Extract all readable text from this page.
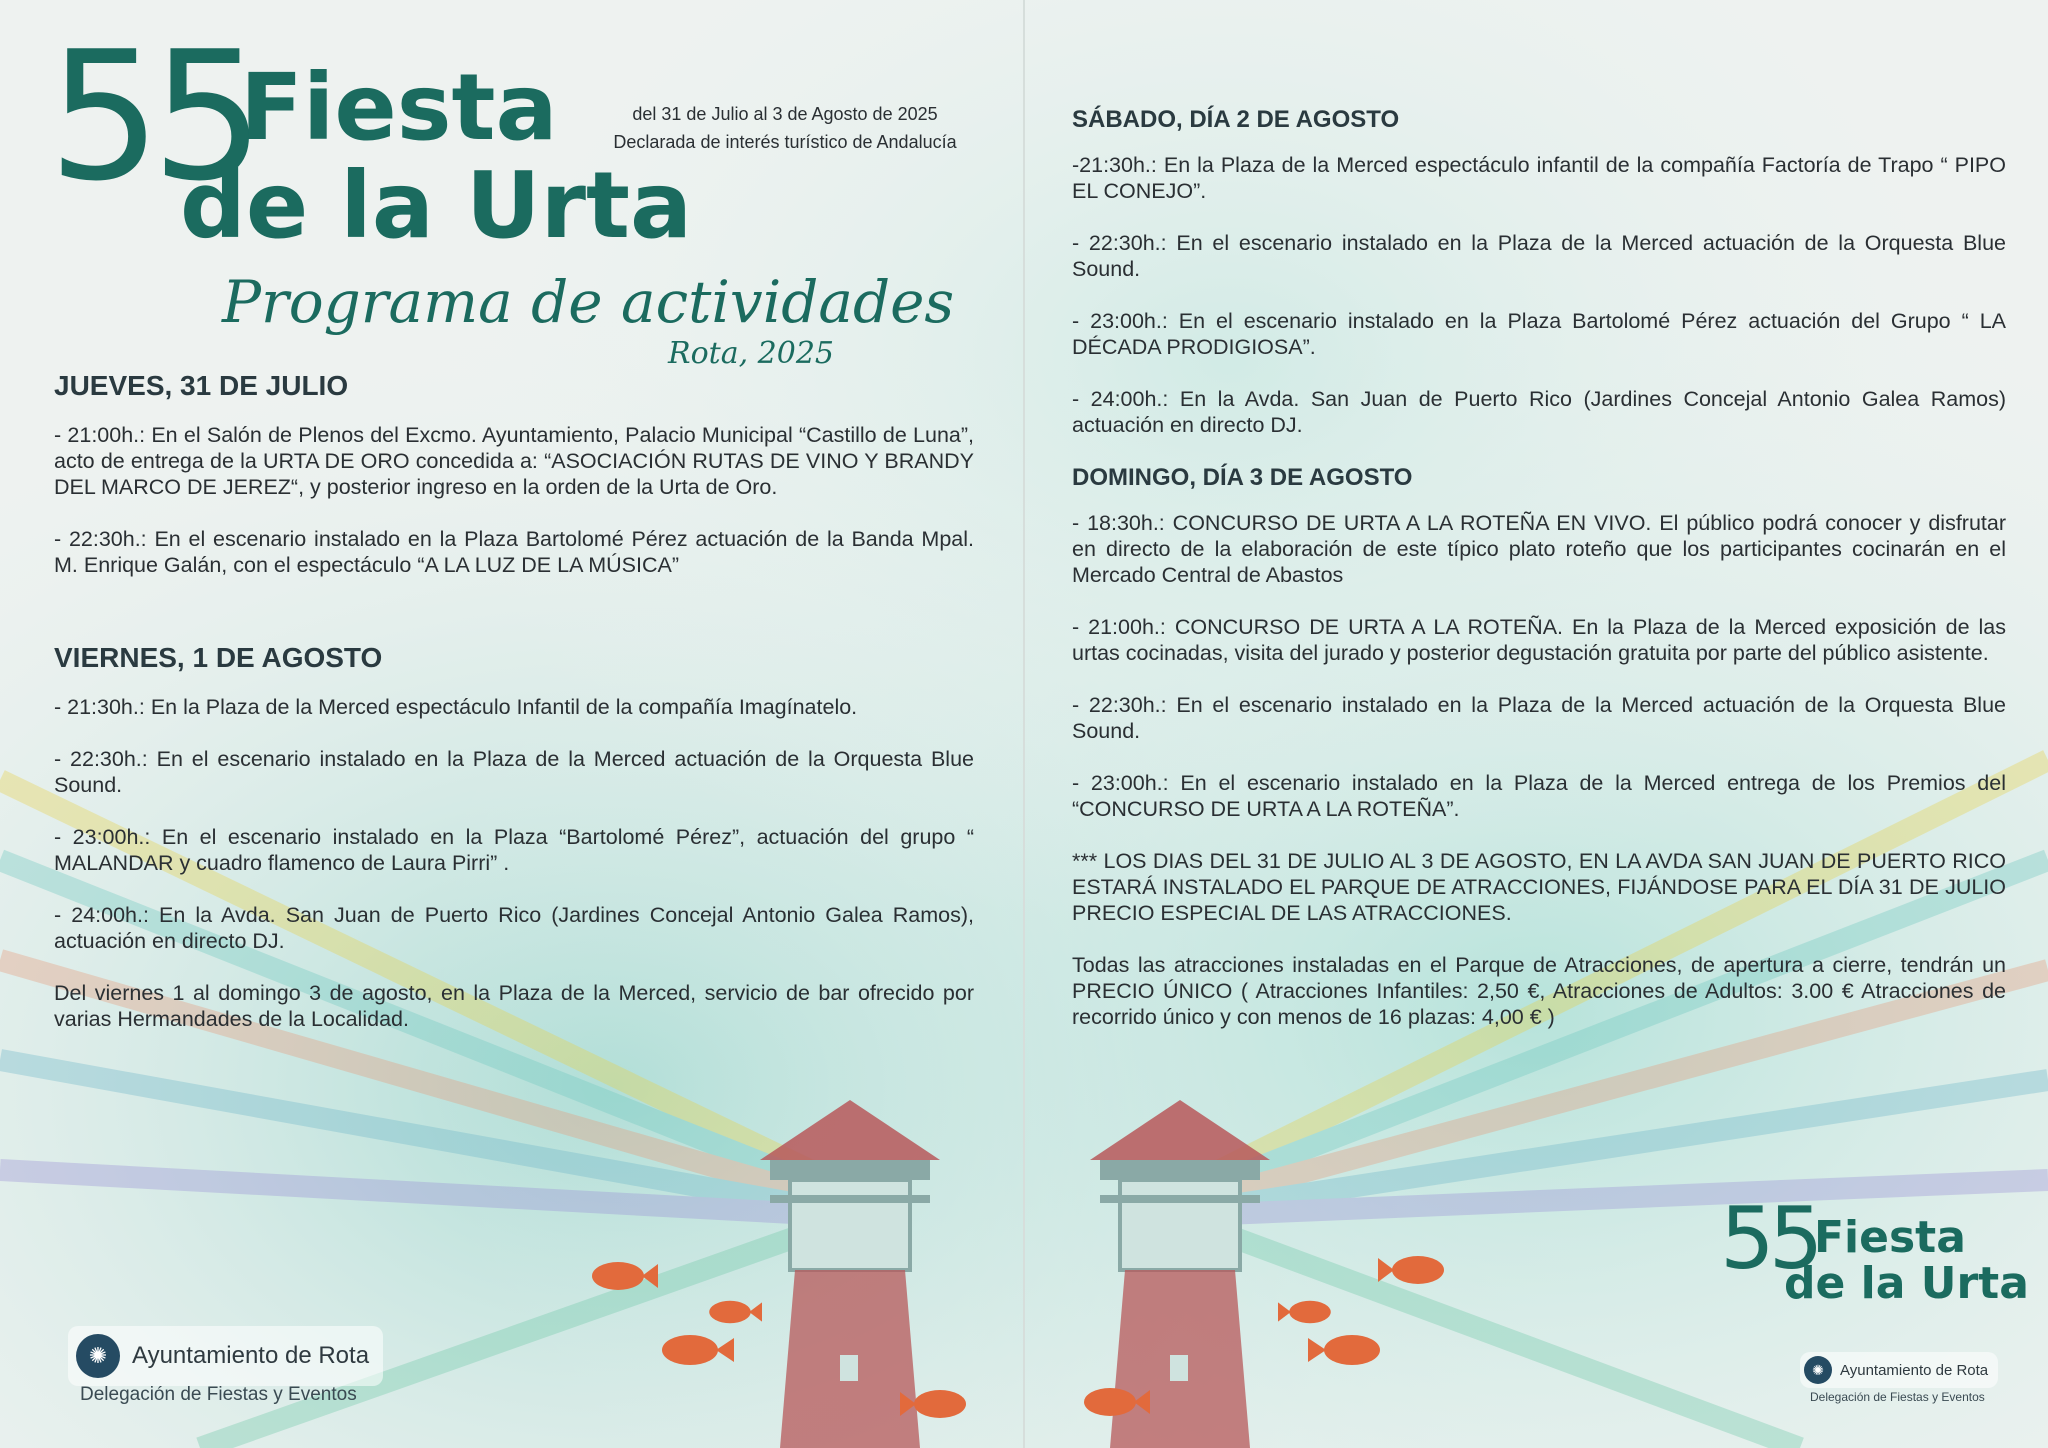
55
Fiesta
de la Urta
Programa de actividades
Rota, 2025
del 31 de Julio al 3 de Agosto de 2025
Declarada de interés turístico de Andalucía
JUEVES, 31 DE JULIO

- 21:00h.: En el Salón de Plenos del Excmo. Ayuntamiento, Palacio Municipal “Castillo de Luna”, acto de entrega de la URTA DE ORO concedida a: “ASOCIACIÓN RUTAS DE VINO Y BRANDY DEL MARCO DE JEREZ“, y posterior ingreso en la orden de la Urta de Oro.

- 22:30h.: En el escenario instalado en la Plaza Bartolomé Pérez actuación de la Banda Mpal. M. Enrique Galán, con el espectáculo “A LA LUZ DE LA MÚSICA”

VIERNES, 1 DE AGOSTO

- 21:30h.: En la Plaza de la Merced espectáculo Infantil de la compañía Imagínatelo.

- 22:30h.: En el escenario instalado en la Plaza de la Merced actuación de la Orquesta Blue Sound.

- 23:00h.: En el escenario instalado en la Plaza “Bartolomé Pérez”, actuación del grupo “ MALANDAR y cuadro flamenco de Laura Pirri” .

- 24:00h.: En la Avda. San Juan de Puerto Rico (Jardines Concejal Antonio Galea Ramos), actuación en directo DJ.

Del viernes 1 al domingo 3 de agosto, en la Plaza de la Merced, servicio de bar ofrecido por varias Hermandades de la Localidad.

✺	Ayuntamiento de Rota
Delegación de Fiestas y Eventos
SÁBADO, DÍA 2 DE AGOSTO

-21:30h.: En la Plaza de la Merced espectáculo infantil de la compañía Factoría de Trapo “ PIPO EL CONEJO”.

- 22:30h.: En el escenario instalado en la Plaza de la Merced actuación de la Orquesta Blue Sound.

- 23:00h.: En el escenario instalado en la Plaza Bartolomé Pérez actuación del Grupo “ LA DÉCADA PRODIGIOSA”.

- 24:00h.: En la Avda. San Juan de Puerto Rico (Jardines Concejal Antonio Galea Ramos) actuación en directo DJ.

DOMINGO, DÍA 3 DE AGOSTO

- 18:30h.: CONCURSO DE URTA A LA ROTEÑA EN VIVO. El público podrá conocer y disfrutar en directo de la elaboración de este típico plato roteño que los participantes cocinarán en el Mercado Central de Abastos

- 21:00h.: CONCURSO DE URTA A LA ROTEÑA. En la Plaza de la Merced exposición de las urtas cocinadas, visita del jurado y posterior degustación gratuita por parte del público asistente.

- 22:30h.: En el escenario instalado en la Plaza de la Merced actuación de la Orquesta Blue Sound.

- 23:00h.: En el escenario instalado en la Plaza de la Merced entrega de los Premios del “CONCURSO DE URTA A LA ROTEÑA”.

*** LOS DIAS DEL 31 DE JULIO AL 3 DE AGOSTO, EN LA AVDA SAN JUAN DE PUERTO RICO ESTARÁ INSTALADO EL PARQUE DE ATRACCIONES, FIJÁNDOSE PARA EL DÍA 31 DE JULIO PRECIO ESPECIAL DE LAS ATRACCIONES.

Todas las atracciones instaladas en el Parque de Atracciones, de apertura a cierre, tendrán un PRECIO ÚNICO ( Atracciones Infantiles: 2,50 €, Atracciones de Adultos: 3.00 € Atracciones de recorrido único y con menos de 16 plazas: 4,00 € )

55
Fiesta
de la Urta
✺	Ayuntamiento de Rota
Delegación de Fiestas y Eventos
